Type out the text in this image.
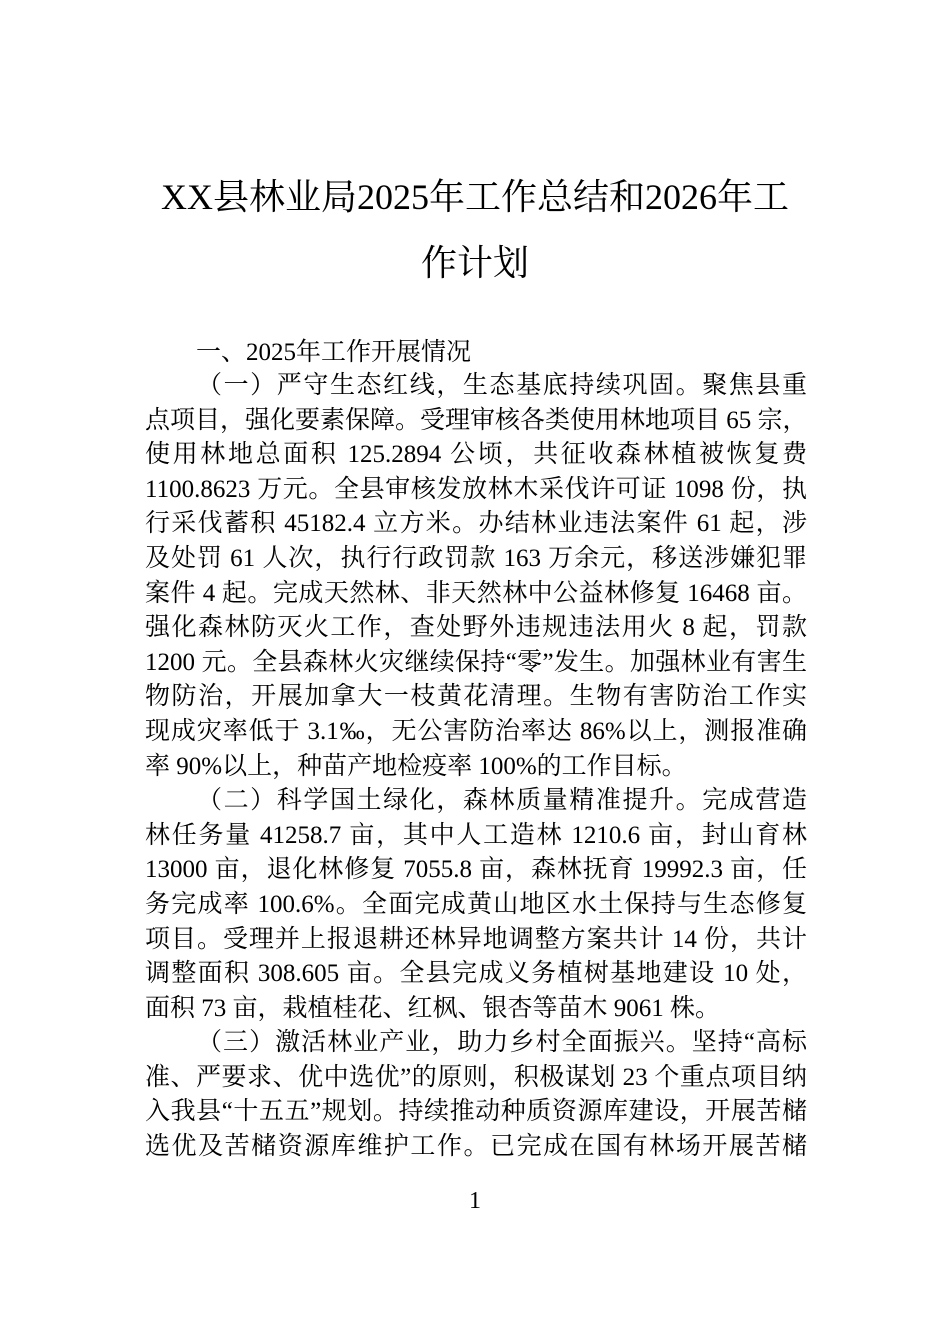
XX县林业局2025年工作总结和2026年工
作计划
一、2025年工作开展情况
（一）严守生态红线，生态基底持续巩固。聚焦县重
点项目，强化要素保障。受理审核各类使用林地项目 65 宗，
使用林地总面积 125.2894 公顷，共征收森林植被恢复费
1100.8623 万元。全县审核发放林木采伐许可证 1098 份，执
行采伐蓄积 45182.4 立方米。办结林业违法案件 61 起，涉
及处罚 61 人次，执行行政罚款 163 万余元，移送涉嫌犯罪
案件 4 起。完成天然林、非天然林中公益林修复 16468 亩。
强化森林防灭火工作，查处野外违规违法用火 8 起，罚款
1200 元。全县森林火灾继续保持“零”发生。加强林业有害生
物防治，开展加拿大一枝黄花清理。生物有害防治工作实
现成灾率低于 3.1‰，无公害防治率达 86%以上，测报准确
率 90%以上，种苗产地检疫率 100%的工作目标。
（二）科学国土绿化，森林质量精准提升。完成营造
林任务量 41258.7 亩，其中人工造林 1210.6 亩，封山育林
13000 亩，退化林修复 7055.8 亩，森林抚育 19992.3 亩，任
务完成率 100.6%。全面完成黄山地区水土保持与生态修复
项目。受理并上报退耕还林异地调整方案共计 14 份，共计
调整面积 308.605 亩。全县完成义务植树基地建设 10 处，
面积 73 亩，栽植桂花、红枫、银杏等苗木 9061 株。
（三）激活林业产业，助力乡村全面振兴。坚持“高标
准、严要求、优中选优”的原则，积极谋划 23 个重点项目纳
入我县“十五五”规划。持续推动种质资源库建设，开展苦槠
选优及苦槠资源库维护工作。已完成在国有林场开展苦槠
1
